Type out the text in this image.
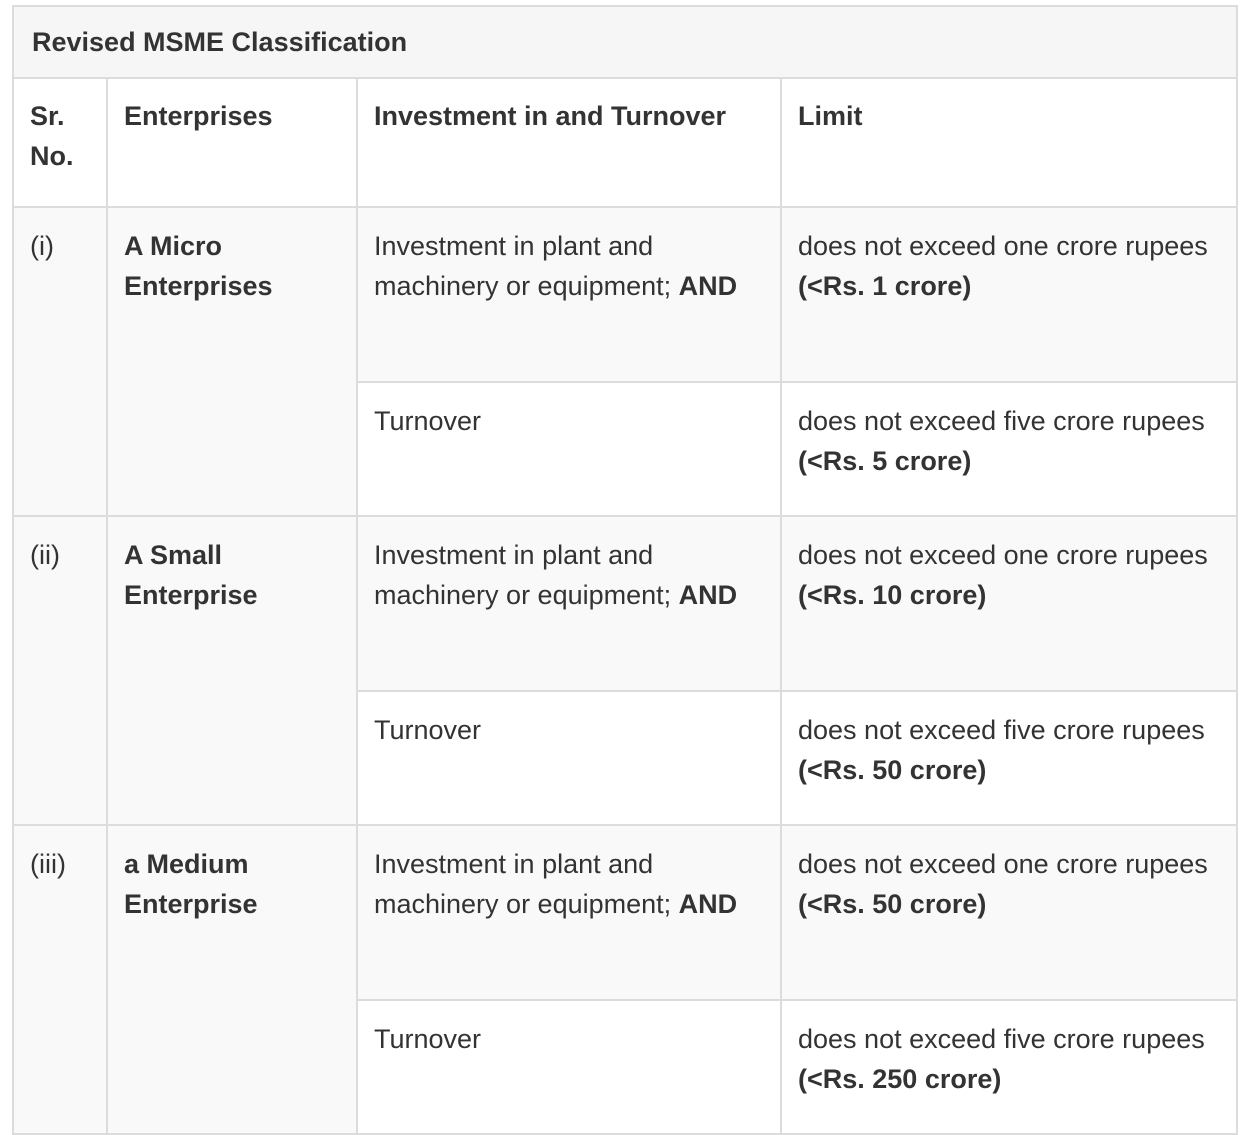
Revised MSME Classification			
Sr.
No.	Enterprises	Investment in and Turnover	Limit
(i)	A Micro Enterprises	Investment in plant and machinery or equipment; AND	does not exceed one crore rupees
(<Rs. 1 crore)
		Turnover	does not exceed five crore rupees
(<Rs. 5 crore)
(ii)	A Small Enterprise	Investment in plant and machinery or equipment; AND	does not exceed one crore rupees
(<Rs. 10 crore)
		Turnover	does not exceed five crore rupees
(<Rs. 50 crore)
(iii)	a Medium Enterprise	Investment in plant and machinery or equipment; AND	does not exceed one crore rupees
(<Rs. 50 crore)
		Turnover	does not exceed five crore rupees
(<Rs. 250 crore)
